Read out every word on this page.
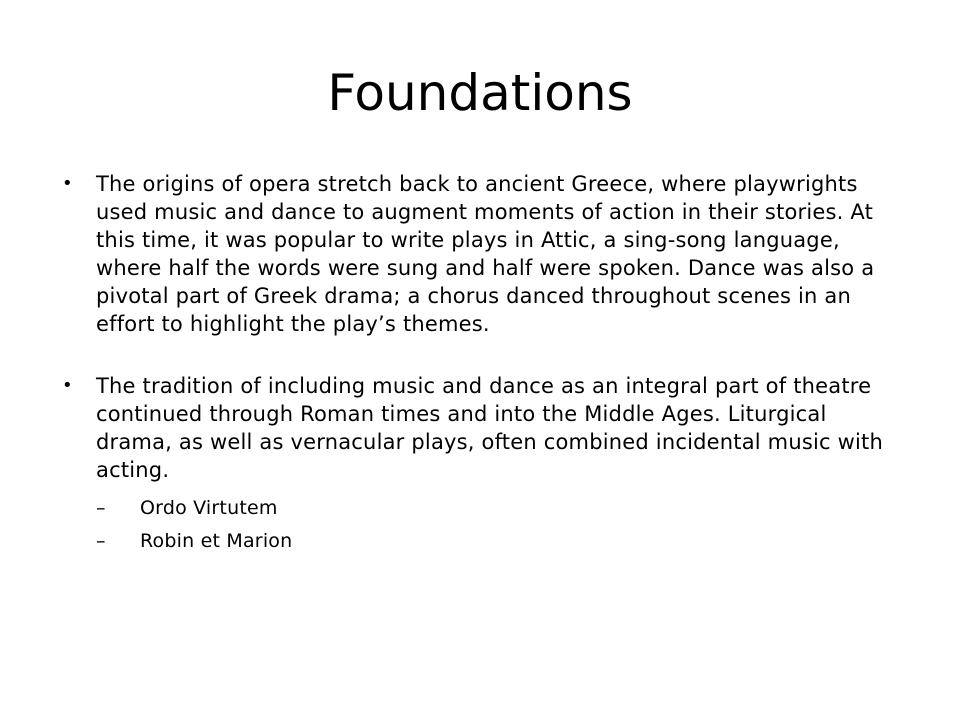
Foundations
• The origins of opera stretch back to ancient Greece, where playwrights used music and dance to augment moments of action in their stories. At this time, it was popular to write plays in Attic, a sing-song language, where half the words were sung and half were spoken. Dance was also a pivotal part of Greek drama; a chorus danced throughout scenes in an effort to highlight the play’s themes.
• The tradition of including music and dance as an integral part of theatre continued through Roman times and into the Middle Ages. Liturgical drama, as well as vernacular plays, often combined incidental music with acting.
– Ordo Virtutem
– Robin et Marion
